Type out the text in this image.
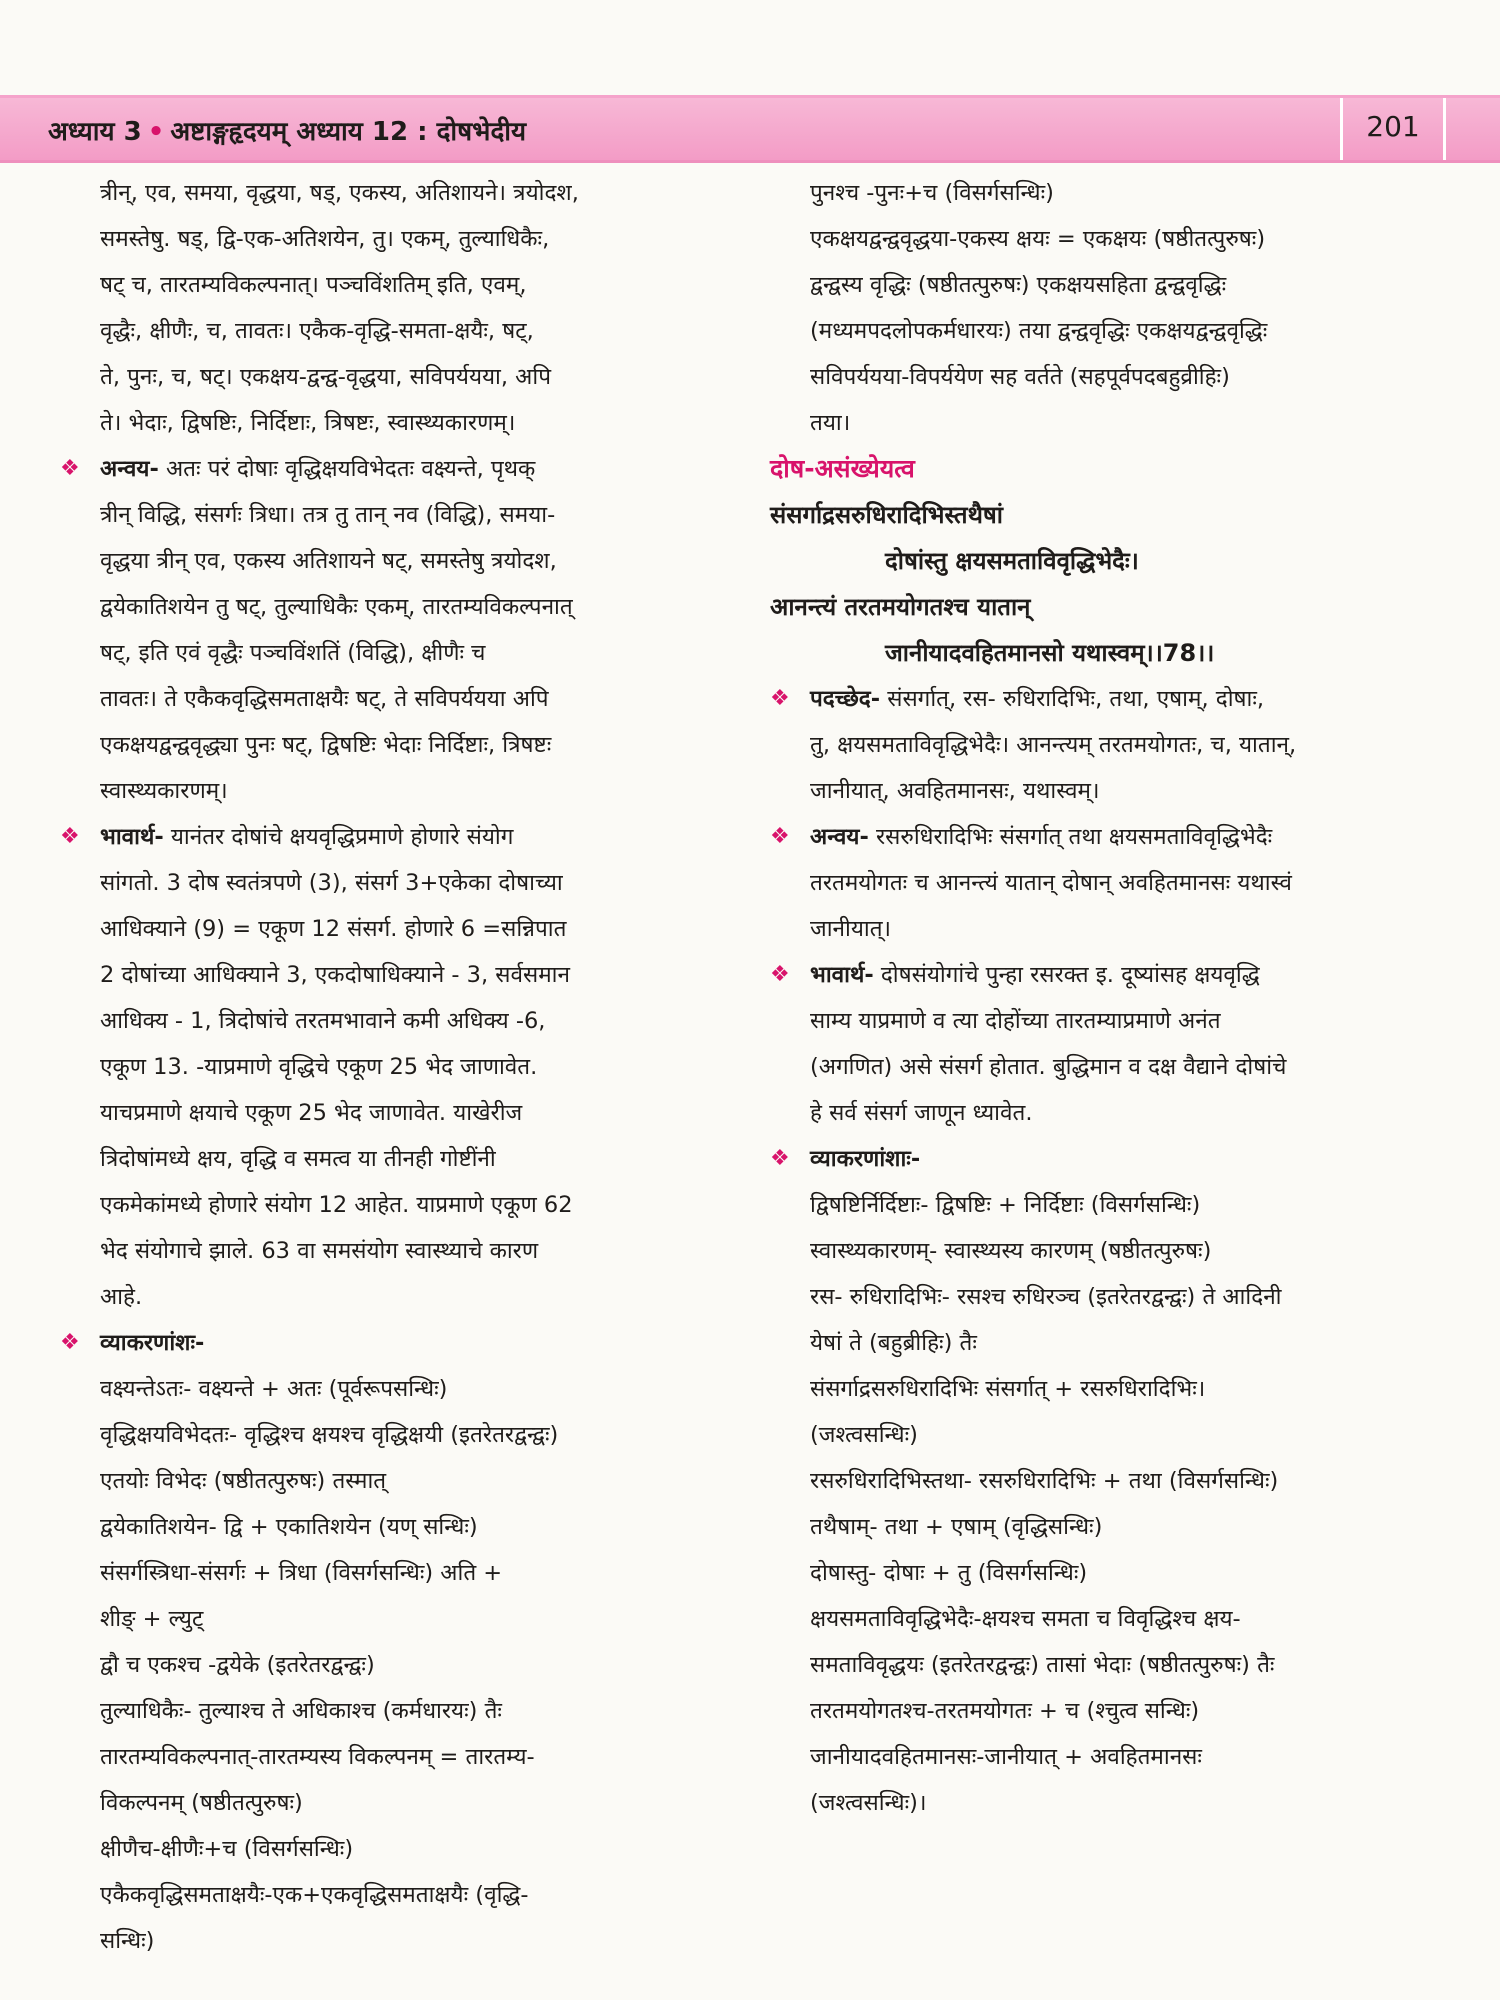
अध्याय 3 • अष्टाङ्गहृदयम् अध्याय 12 : दोषभेदीय	201
त्रीन्, एव, समया, वृद्धया, षड्, एकस्य, अतिशायने। त्रयोदश,
समस्तेषु. षड्, द्वि-एक-अतिशयेन, तु। एकम्, तुल्याधिकैः,
षट् च, तारतम्यविकल्पनात्। पञ्चविंशतिम् इति, एवम्,
वृद्धैः, क्षीणैः, च, तावतः। एकैक-वृद्धि-समता-क्षयैः, षट्,
ते, पुनः, च, षट्। एकक्षय-द्वन्द्व-वृद्धया, सविपर्ययया, अपि
ते। भेदाः, द्विषष्टिः, निर्दिष्टाः, त्रिषष्टः, स्वास्थ्यकारणम्।
❖ अन्वय- अतः परं दोषाः वृद्धिक्षयविभेदतः वक्ष्यन्ते, पृथक्
त्रीन् विद्धि, संसर्गः त्रिधा। तत्र तु तान् नव (विद्धि), समया-
वृद्धया त्रीन् एव, एकस्य अतिशायने षट्, समस्तेषु त्रयोदश,
द्वयेकातिशयेन तु षट्, तुल्याधिकैः एकम्, तारतम्यविकल्पनात्
षट्, इति एवं वृद्धैः पञ्चविंशतिं (विद्धि), क्षीणैः च
तावतः। ते एकैकवृद्धिसमताक्षयैः षट्, ते सविपर्ययया अपि
एकक्षयद्वन्द्ववृद्ध्या पुनः षट्, द्विषष्टिः भेदाः निर्दिष्टाः, त्रिषष्टः
स्वास्थ्यकारणम्।
❖ भावार्थ- यानंतर दोषांचे क्षयवृद्धिप्रमाणे होणारे संयोग
सांगतो. 3 दोष स्वतंत्रपणे (3), संसर्ग 3+एकेका दोषाच्या
आधिक्याने (9) = एकूण 12 संसर्ग. होणारे 6 =सन्निपात
2 दोषांच्या आधिक्याने 3, एकदोषाधिक्याने - 3, सर्वसमान
आधिक्य - 1, त्रिदोषांचे तरतमभावाने कमी अधिक्य -6,
एकूण 13. -याप्रमाणे वृद्धिचे एकूण 25 भेद जाणावेत.
याचप्रमाणे क्षयाचे एकूण 25 भेद जाणावेत. याखेरीज
त्रिदोषांमध्ये क्षय, वृद्धि व समत्व या तीनही गोष्टींनी
एकमेकांमध्ये होणारे संयोग 12 आहेत. याप्रमाणे एकूण 62
भेद संयोगाचे झाले. 63 वा समसंयोग स्वास्थ्याचे कारण
आहे.
❖ व्याकरणांशः-
वक्ष्यन्तेऽतः- वक्ष्यन्ते + अतः (पूर्वरूपसन्धिः)
वृद्धिक्षयविभेदतः- वृद्धिश्च क्षयश्च वृद्धिक्षयी (इतरेतरद्वन्द्वः)
एतयोः विभेदः (षष्ठीतत्पुरुषः) तस्मात्
द्वयेकातिशयेन- द्वि + एकातिशयेन (यण् सन्धिः)
संसर्गस्त्रिधा-संसर्गः + त्रिधा (विसर्गसन्धिः) अति +
शीङ् + ल्युट्
द्वौ च एकश्च -द्वयेके (इतरेतरद्वन्द्वः)
तुल्याधिकैः- तुल्याश्च ते अधिकाश्च (कर्मधारयः) तैः
तारतम्यविकल्पनात्-तारतम्यस्य विकल्पनम् = तारतम्य-
विकल्पनम् (षष्ठीतत्पुरुषः)
क्षीणैच-क्षीणैः+च (विसर्गसन्धिः)
एकैकवृद्धिसमताक्षयैः-एक+एकवृद्धिसमताक्षयैः (वृद्धि-
सन्धिः)
पुनश्च -पुनः+च (विसर्गसन्धिः)
एकक्षयद्वन्द्ववृद्धया-एकस्य क्षयः = एकक्षयः (षष्ठीतत्पुरुषः)
द्वन्द्वस्य वृद्धिः (षष्ठीतत्पुरुषः) एकक्षयसहिता द्वन्द्ववृद्धिः
(मध्यमपदलोपकर्मधारयः) तया द्वन्द्ववृद्धिः एकक्षयद्वन्द्ववृद्धिः
सविपर्ययया-विपर्ययेण सह वर्तते (सहपूर्वपदबहुव्रीहिः)
तया।
दोष-असंख्येयत्व
संसर्गाद्रसरुधिरादिभिस्तथैषां
दोषांस्तु क्षयसमताविवृद्धिभेदैः।
आनन्त्यं तरतमयोगतश्च यातान्
जानीयादवहितमानसो यथास्वम्।।78।।
❖ पदच्छेद- संसर्गात्, रस- रुधिरादिभिः, तथा, एषाम्, दोषाः,
तु, क्षयसमताविवृद्धिभेदैः। आनन्त्यम् तरतमयोगतः, च, यातान्,
जानीयात्, अवहितमानसः, यथास्वम्।
❖ अन्वय- रसरुधिरादिभिः संसर्गात् तथा क्षयसमताविवृद्धिभेदैः
तरतमयोगतः च आनन्त्यं यातान् दोषान् अवहितमानसः यथास्वं
जानीयात्।
❖ भावार्थ- दोषसंयोगांचे पुन्हा रसरक्त इ. दूष्यांसह क्षयवृद्धि
साम्य याप्रमाणे व त्या दोहोंच्या तारतम्याप्रमाणे अनंत
(अगणित) असे संसर्ग होतात. बुद्धिमान व दक्ष वैद्याने दोषांचे
हे सर्व संसर्ग जाणून ध्यावेत.
❖ व्याकरणांशाः-
द्विषष्टिर्निर्दिष्टाः- द्विषष्टिः + निर्दिष्टाः (विसर्गसन्धिः)
स्वास्थ्यकारणम्- स्वास्थ्यस्य कारणम् (षष्ठीतत्पुरुषः)
रस- रुधिरादिभिः- रसश्च रुधिरञ्च (इतरेतरद्वन्द्वः) ते आदिनी
येषां ते (बहुब्रीहिः) तैः
संसर्गाद्रसरुधिरादिभिः संसर्गात् + रसरुधिरादिभिः।
(जश्त्वसन्धिः)
रसरुधिरादिभिस्तथा- रसरुधिरादिभिः + तथा (विसर्गसन्धिः)
तथैषाम्- तथा + एषाम् (वृद्धिसन्धिः)
दोषास्तु- दोषाः + तु (विसर्गसन्धिः)
क्षयसमताविवृद्धिभेदैः-क्षयश्च समता च विवृद्धिश्च क्षय-
समताविवृद्धयः (इतरेतरद्वन्द्वः) तासां भेदाः (षष्ठीतत्पुरुषः) तैः
तरतमयोगतश्च-तरतमयोगतः + च (श्चुत्व सन्धिः)
जानीयादवहितमानसः-जानीयात् + अवहितमानसः
(जश्त्वसन्धिः)।
